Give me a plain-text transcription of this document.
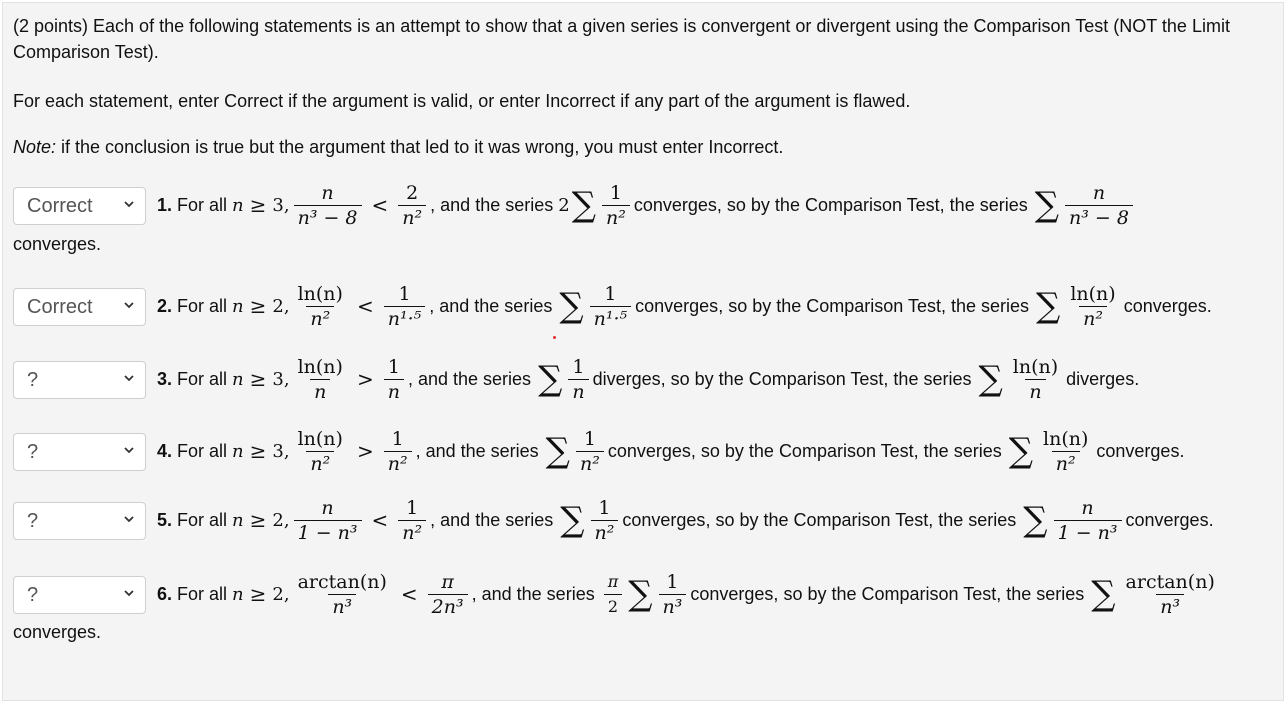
(2 points) Each of the following statements is an attempt to show that a given series is convergent or divergent using the Comparison Test (NOT the Limit Comparison Test).

For each statement, enter Correct if the argument is valid, or enter Incorrect if any part of the argument is flawed.

Note: if the conclusion is true but the argument that led to it was wrong, you must enter Incorrect.

Correct	1. For all n ≥ 3 , $\frac{n}{\text{n³ − 8}} < \frac{2}{\text{n²}}$ , and the series 2 ∑ $\frac{1}{\text{n²}}$ converges , so by the Comparison Test, the series ∑ $\frac{n}{\text{n³ − 8}}$
converges.
Correct	2. For all n ≥ 2 , $\frac{\ln(n)}{\text{n²}} < \frac{1}{\text{n¹·⁵}}$ , and the series ∑ $\frac{1}{\text{n¹·⁵}}$ converges , so by the Comparison Test, the series ∑ $\frac{\ln(n)}{\text{n²}}$ converges.
?	3. For all n ≥ 3 , $\frac{\ln(n)}{n} > \frac{1}{n}$ , and the series ∑ $\frac{1}{n}$ diverges , so by the Comparison Test, the series ∑ $\frac{\ln(n)}{n}$ diverges.
?	4. For all n ≥ 3 , $\frac{\ln(n)}{\text{n²}} > \frac{1}{\text{n²}}$ , and the series ∑ $\frac{1}{\text{n²}}$ converges , so by the Comparison Test, the series ∑ $\frac{\ln(n)}{\text{n²}}$ converges.
?	5. For all n ≥ 2 , $\frac{n}{\text{1 − n³}} < \frac{1}{\text{n²}}$ , and the series ∑ $\frac{1}{\text{n²}}$ converges , so by the Comparison Test, the series ∑ $\frac{n}{\text{1 − n³}}$ converges.
?	6. For all n ≥ 2 , $\frac{\arctan(n)}{\text{n³}} < \frac{\pi}{\text{2n³}}$ , and the series $\frac{\pi}{2}$ ∑ $\frac{1}{\text{n³}}$ converges , so by the Comparison Test, the series ∑ $\frac{\arctan(n)}{\text{n³}}$
converges.
